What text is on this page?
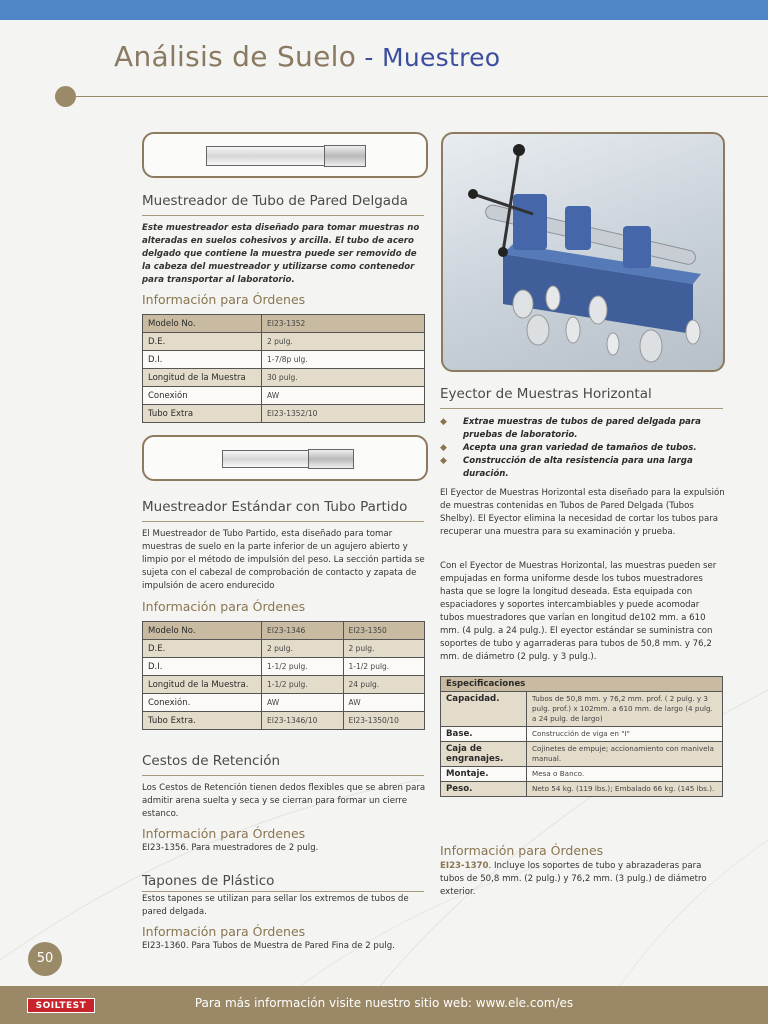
Análisis de Suelo - Muestreo
Muestreador de Tubo de Pared Delgada
Este muestreador esta diseñado para tomar muestras no alteradas en suelos cohesivos y arcilla. El tubo de acero delgado que contiene la muestra puede ser removido de la cabeza del muestreador y utilizarse como contenedor para transportar al laboratorio.
Información para Órdenes
Modelo No.	EI23-1352
D.E.	2 pulg.
D.I.	1-7/8p ulg.
Longitud de la Muestra	30 pulg.
Conexión	AW
Tubo Extra	EI23-1352/10
Muestreador Estándar con Tubo Partido
El Muestreador de Tubo Partido, esta diseñado para tomar muestras de suelo en la parte inferior de un agujero abierto y limpio por el método de impulsión del peso. La sección partida se sujeta con el cabezal de comprobación de contacto y zapata de impulsión de acero endurecido
Información para Órdenes
Modelo No.	EI23-1346	EI23-1350
D.E.	2 pulg.	2 pulg.
D.I.	1-1/2 pulg.	1-1/2 pulg.
Longitud de la Muestra.	1-1/2 pulg.	24 pulg.
Conexión.	AW	AW
Tubo Extra.	EI23-1346/10	EI23-1350/10
Cestos de Retención
Los Cestos de Retención tienen dedos flexibles que se abren para admitir arena suelta y seca y se cierran para formar un cierre estanco.
Información para Órdenes
EI23-1356. Para muestradores de 2 pulg.
Tapones de Plástico
Estos tapones se utilizan para sellar los extremos de tubos de pared delgada.
Información para Órdenes
EI23-1360. Para Tubos de Muestra de Pared Fina de 2 pulg.
Eyector de Muestras Horizontal
◆ Extrae muestras de tubos de pared delgada para pruebas de laboratorio.
◆ Acepta una gran variedad de tamaños de tubos.
◆ Construcción de alta resistencia para una larga duración.
El Eyector de Muestras Horizontal esta diseñado para la expulsión de muestras contenidas en Tubos de Pared Delgada (Tubos Shelby). El Eyector elimina la necesidad de cortar los tubos para recuperar una muestra para su examinación y prueba.
Con el Eyector de Muestras Horizontal, las muestras pueden ser empujadas en forma uniforme desde los tubos muestradores hasta que se logre la longitud deseada. Esta equipada con espaciadores y soportes intercambiables y puede acomodar tubos muestradores que varían en longitud de102 mm. a 610 mm. (4 pulg. a 24 pulg.). El eyector estándar se suministra con soportes de tubo y agarraderas para tubos de 50,8 mm. y 76,2 mm. de diámetro (2 pulg. y 3 pulg.).
Especificaciones	
Capacidad.	Tubos de 50,8 mm. y 76,2 mm. prof. ( 2 pulg. y 3 pulg. prof.) x 102mm. a 610 mm. de largo (4 pulg. a 24 pulg. de largo)
Base.	Construcción de viga en "I"
Caja de engranajes.	Cojinetes de empuje; accionamiento con manivela manual.
Montaje.	Mesa o Banco.
Peso.	Neto 54 kg. (119 lbs.); Embalado 66 kg. (145 lbs.).
Información para Órdenes
EI23-1370. Incluye los soportes de tubo y abrazaderas para tubos de 50,8 mm. (2 pulg.) y 76,2 mm. (3 pulg.) de diámetro exterior.
50
SOILTEST	Para más información visite nuestro sitio web: www.ele.com/es
